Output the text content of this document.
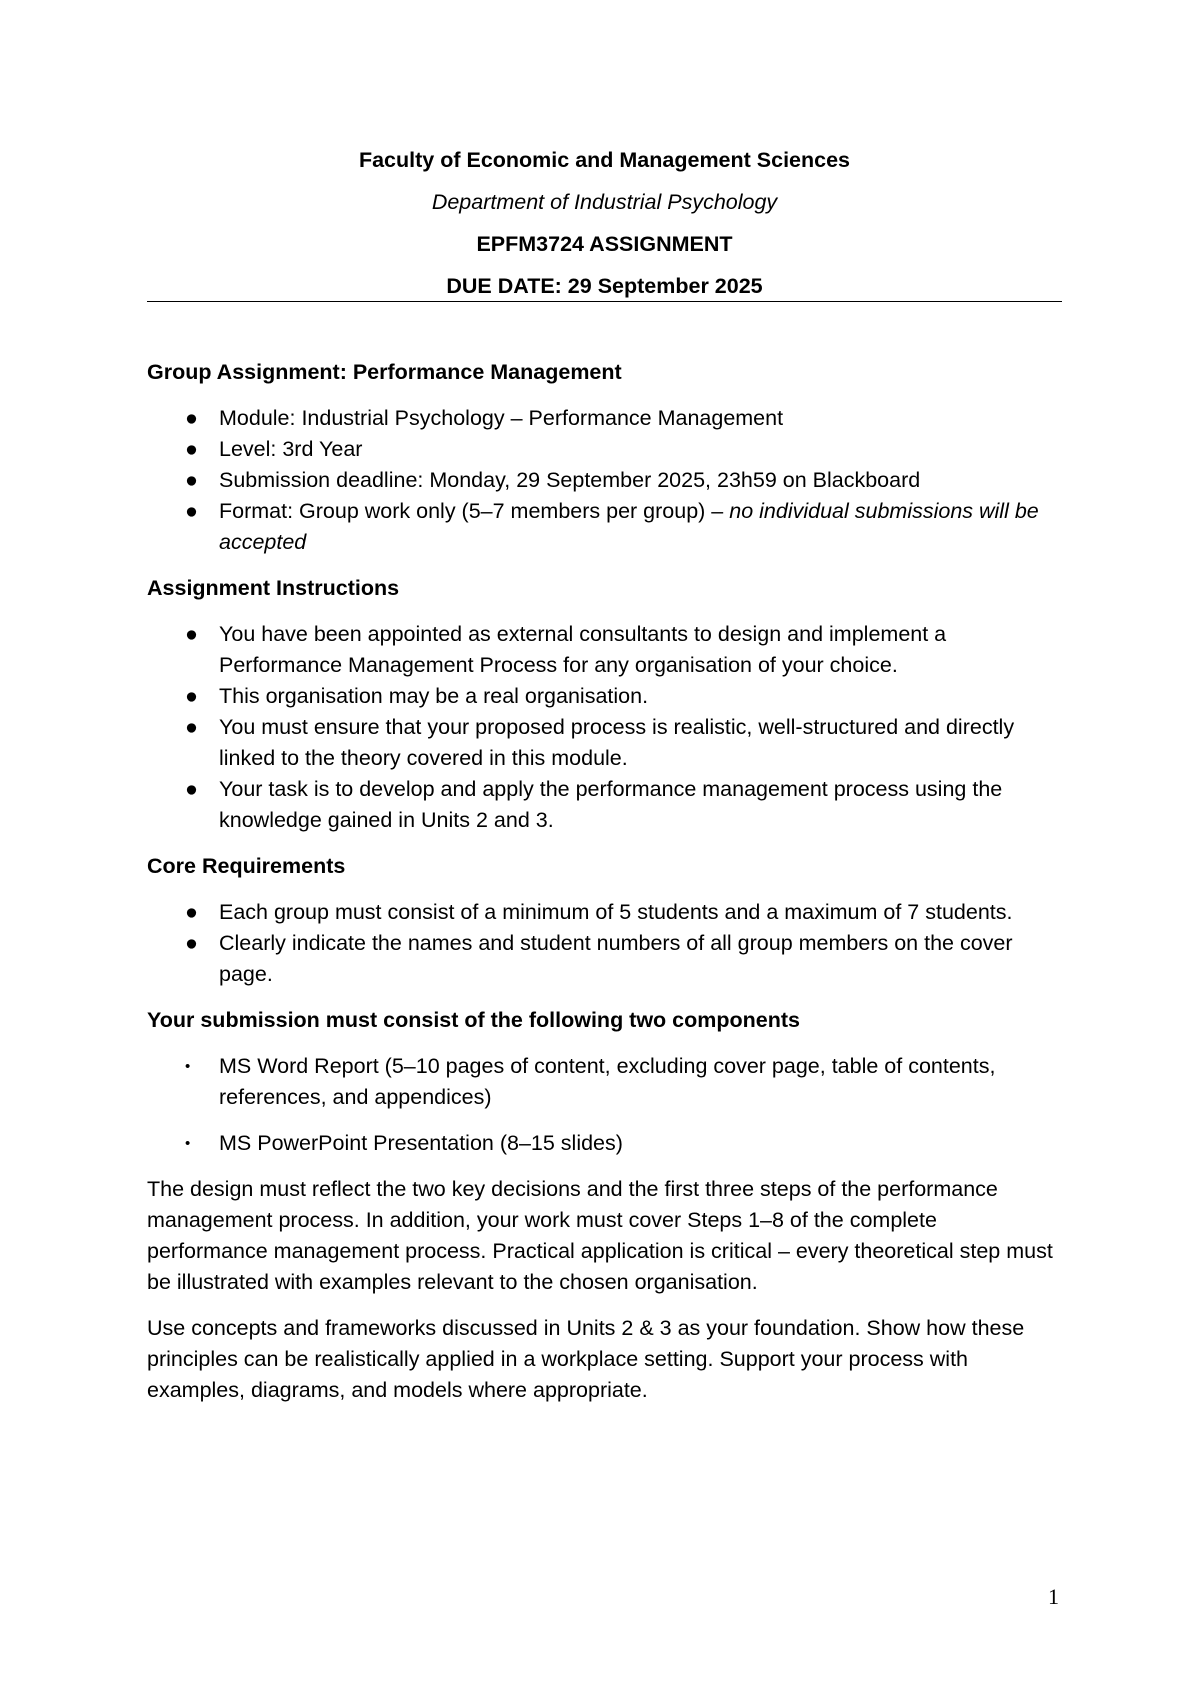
Faculty of Economic and Management Sciences
Department of Industrial Psychology
EPFM3724 ASSIGNMENT
DUE DATE: 29 September 2025
Group Assignment: Performance Management
● Module: Industrial Psychology – Performance Management
● Level: 3rd Year
● Submission deadline: Monday, 29 September 2025, 23h59 on Blackboard
● Format: Group work only (5–7 members per group) – no individual submissions will be accepted
Assignment Instructions
● You have been appointed as external consultants to design and implement a Performance Management Process for any organisation of your choice.
● This organisation may be a real organisation.
● You must ensure that your proposed process is realistic, well-structured and directly linked to the theory covered in this module.
● Your task is to develop and apply the performance management process using the knowledge gained in Units 2 and 3.
Core Requirements
● Each group must consist of a minimum of 5 students and a maximum of 7 students.
● Clearly indicate the names and student numbers of all group members on the cover page.
Your submission must consist of the following two components
• MS Word Report (5–10 pages of content, excluding cover page, table of contents, references, and appendices)
• MS PowerPoint Presentation (8–15 slides)

The design must reflect the two key decisions and the first three steps of the performance management process. In addition, your work must cover Steps 1–8 of the complete performance management process. Practical application is critical – every theoretical step must be illustrated with examples relevant to the chosen organisation.

Use concepts and frameworks discussed in Units 2 & 3 as your foundation. Show how these principles can be realistically applied in a workplace setting. Support your process with examples, diagrams, and models where appropriate.

1
